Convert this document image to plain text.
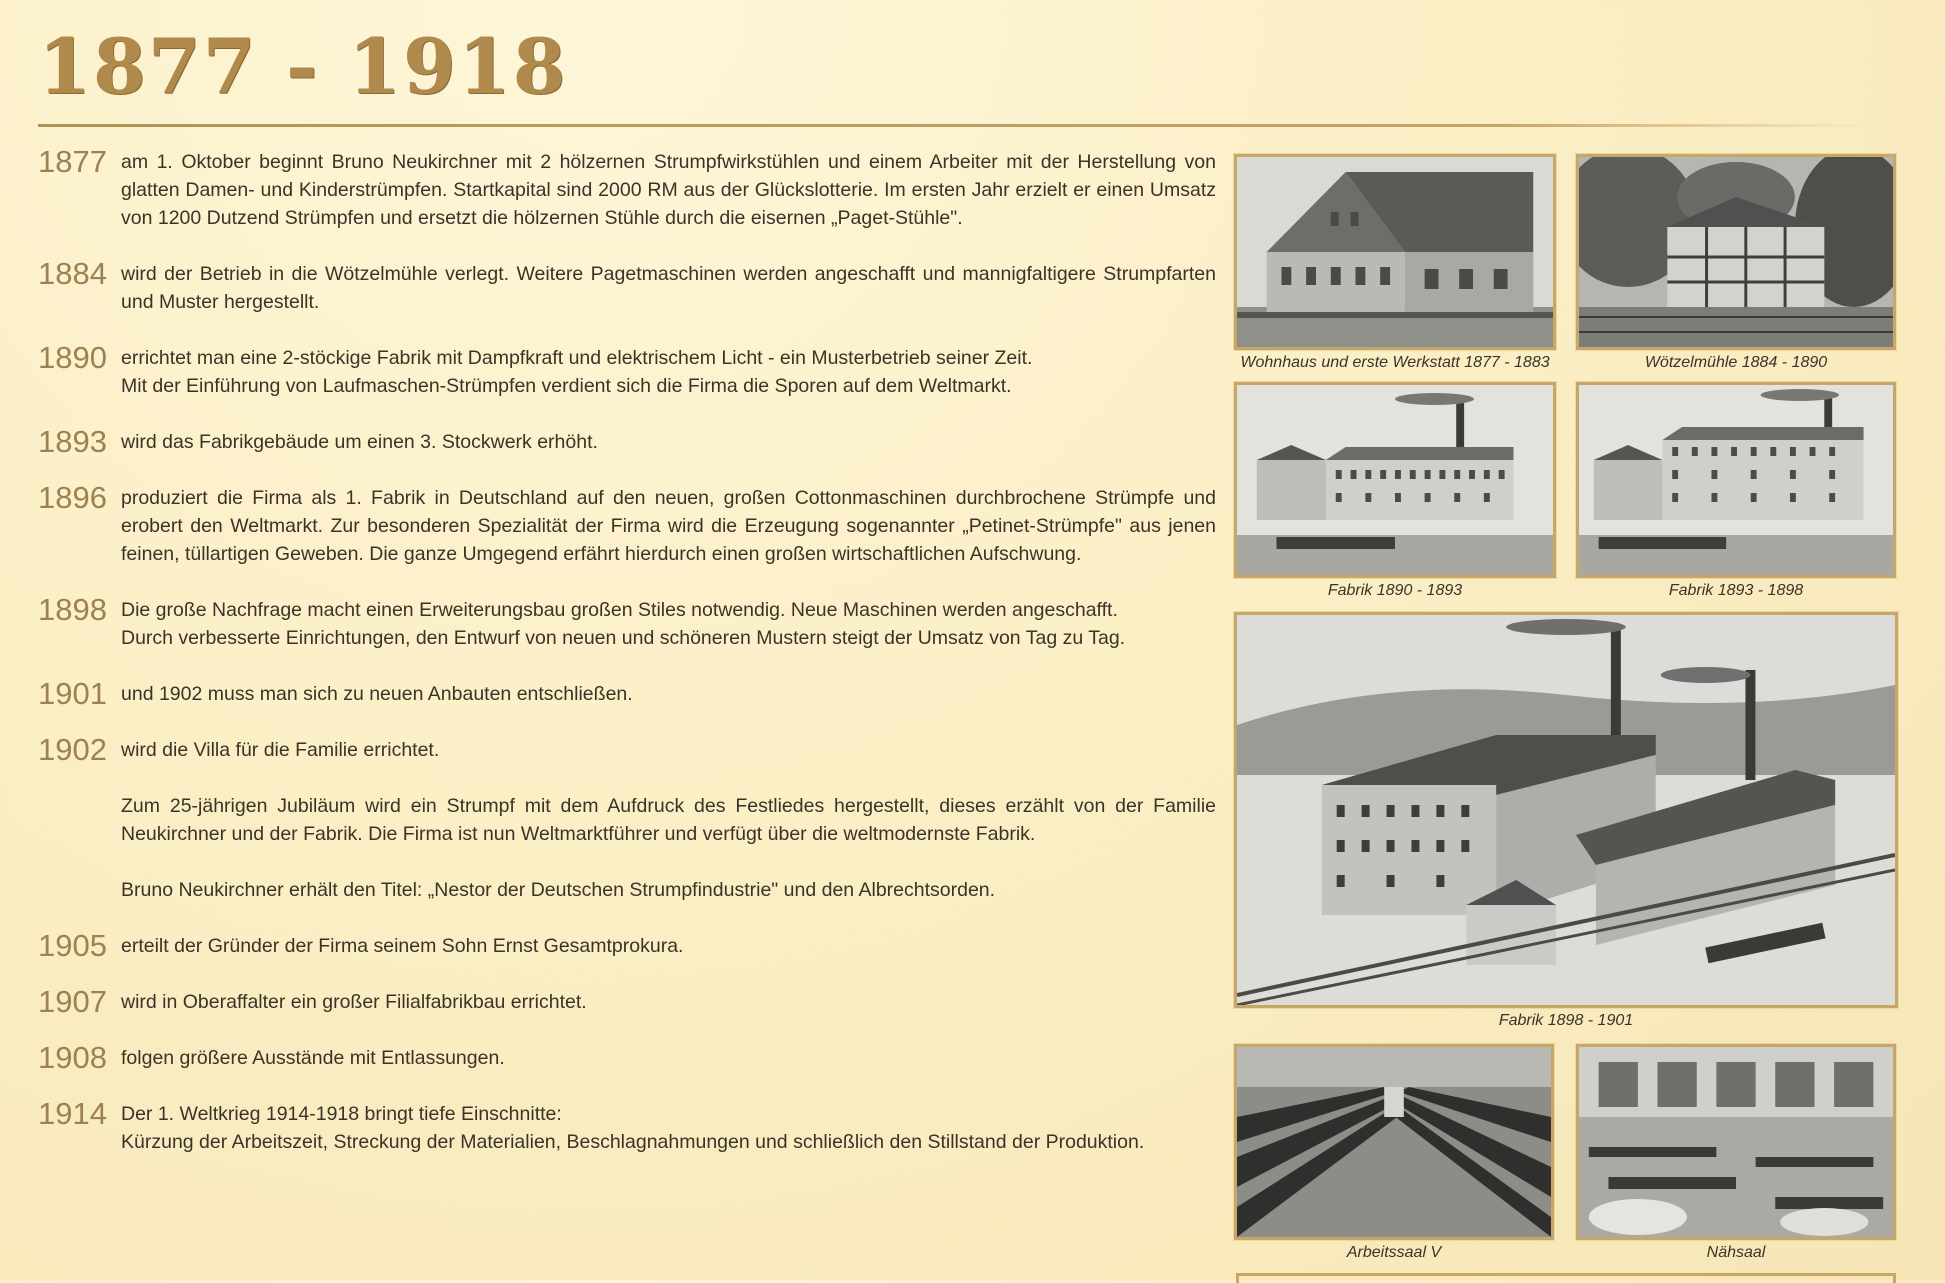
1877 - 1918
1877 am 1. Oktober beginnt Bruno Neukirchner mit 2 hölzernen Strumpfwirkstühlen und einem Arbeiter mit der Herstellung von glatten Damen- und Kinderstrümpfen. Startkapital sind 2000 RM aus der Glückslotterie. Im ersten Jahr erzielt er einen Umsatz von 1200 Dutzend Strümpfen und ersetzt die hölzernen Stühle durch die eisernen „Paget-Stühle".

1884 wird der Betrieb in die Wötzelmühle verlegt. Weitere Pagetmaschinen werden angeschafft und mannigfaltigere Strumpfarten und Muster hergestellt.

1890 errichtet man eine 2-stöckige Fabrik mit Dampfkraft und elektrischem Licht - ein Musterbetrieb seiner Zeit.

Mit der Einführung von Laufmaschen-Strümpfen verdient sich die Firma die Sporen auf dem Weltmarkt.

1893 wird das Fabrikgebäude um einen 3. Stockwerk erhöht.

1896 produziert die Firma als 1. Fabrik in Deutschland auf den neuen, großen Cottonmaschinen durchbrochene Strümpfe und erobert den Weltmarkt. Zur besonderen Spezialität der Firma wird die Erzeugung sogenannter „Petinet-Strümpfe" aus jenen feinen, tüllartigen Geweben. Die ganze Umgegend erfährt hierdurch einen großen wirtschaftlichen Aufschwung.

1898 Die große Nachfrage macht einen Erweiterungsbau großen Stiles notwendig. Neue Maschinen werden angeschafft.

Durch verbesserte Einrichtungen, den Entwurf von neuen und schöneren Mustern steigt der Umsatz von Tag zu Tag.

1901 und 1902 muss man sich zu neuen Anbauten entschließen.

1902 wird die Villa für die Familie errichtet.

Zum 25-jährigen Jubiläum wird ein Strumpf mit dem Aufdruck des Festliedes hergestellt, dieses erzählt von der Familie Neukirchner und der Fabrik. Die Firma ist nun Weltmarktführer und verfügt über die weltmodernste Fabrik.

Bruno Neukirchner erhält den Titel: „Nestor der Deutschen Strumpfindustrie" und den Albrechtsorden.

1905 erteilt der Gründer der Firma seinem Sohn Ernst Gesamtprokura.

1907 wird in Oberaffalter ein großer Filialfabrikbau errichtet.

1908 folgen größere Ausstände mit Entlassungen.

1914 Der 1. Weltkrieg 1914-1918 bringt tiefe Einschnitte:

Kürzung der Arbeitszeit, Streckung der Materialien, Beschlagnahmungen und schließlich den Stillstand der Produktion.

Wohnhaus und erste Werkstatt 1877 - 1883	Wötzelmühle 1884 - 1890
Fabrik 1890 - 1893	Fabrik 1893 - 1898
Fabrik 1898 - 1901
Arbeitssaal V	Nähsaal
